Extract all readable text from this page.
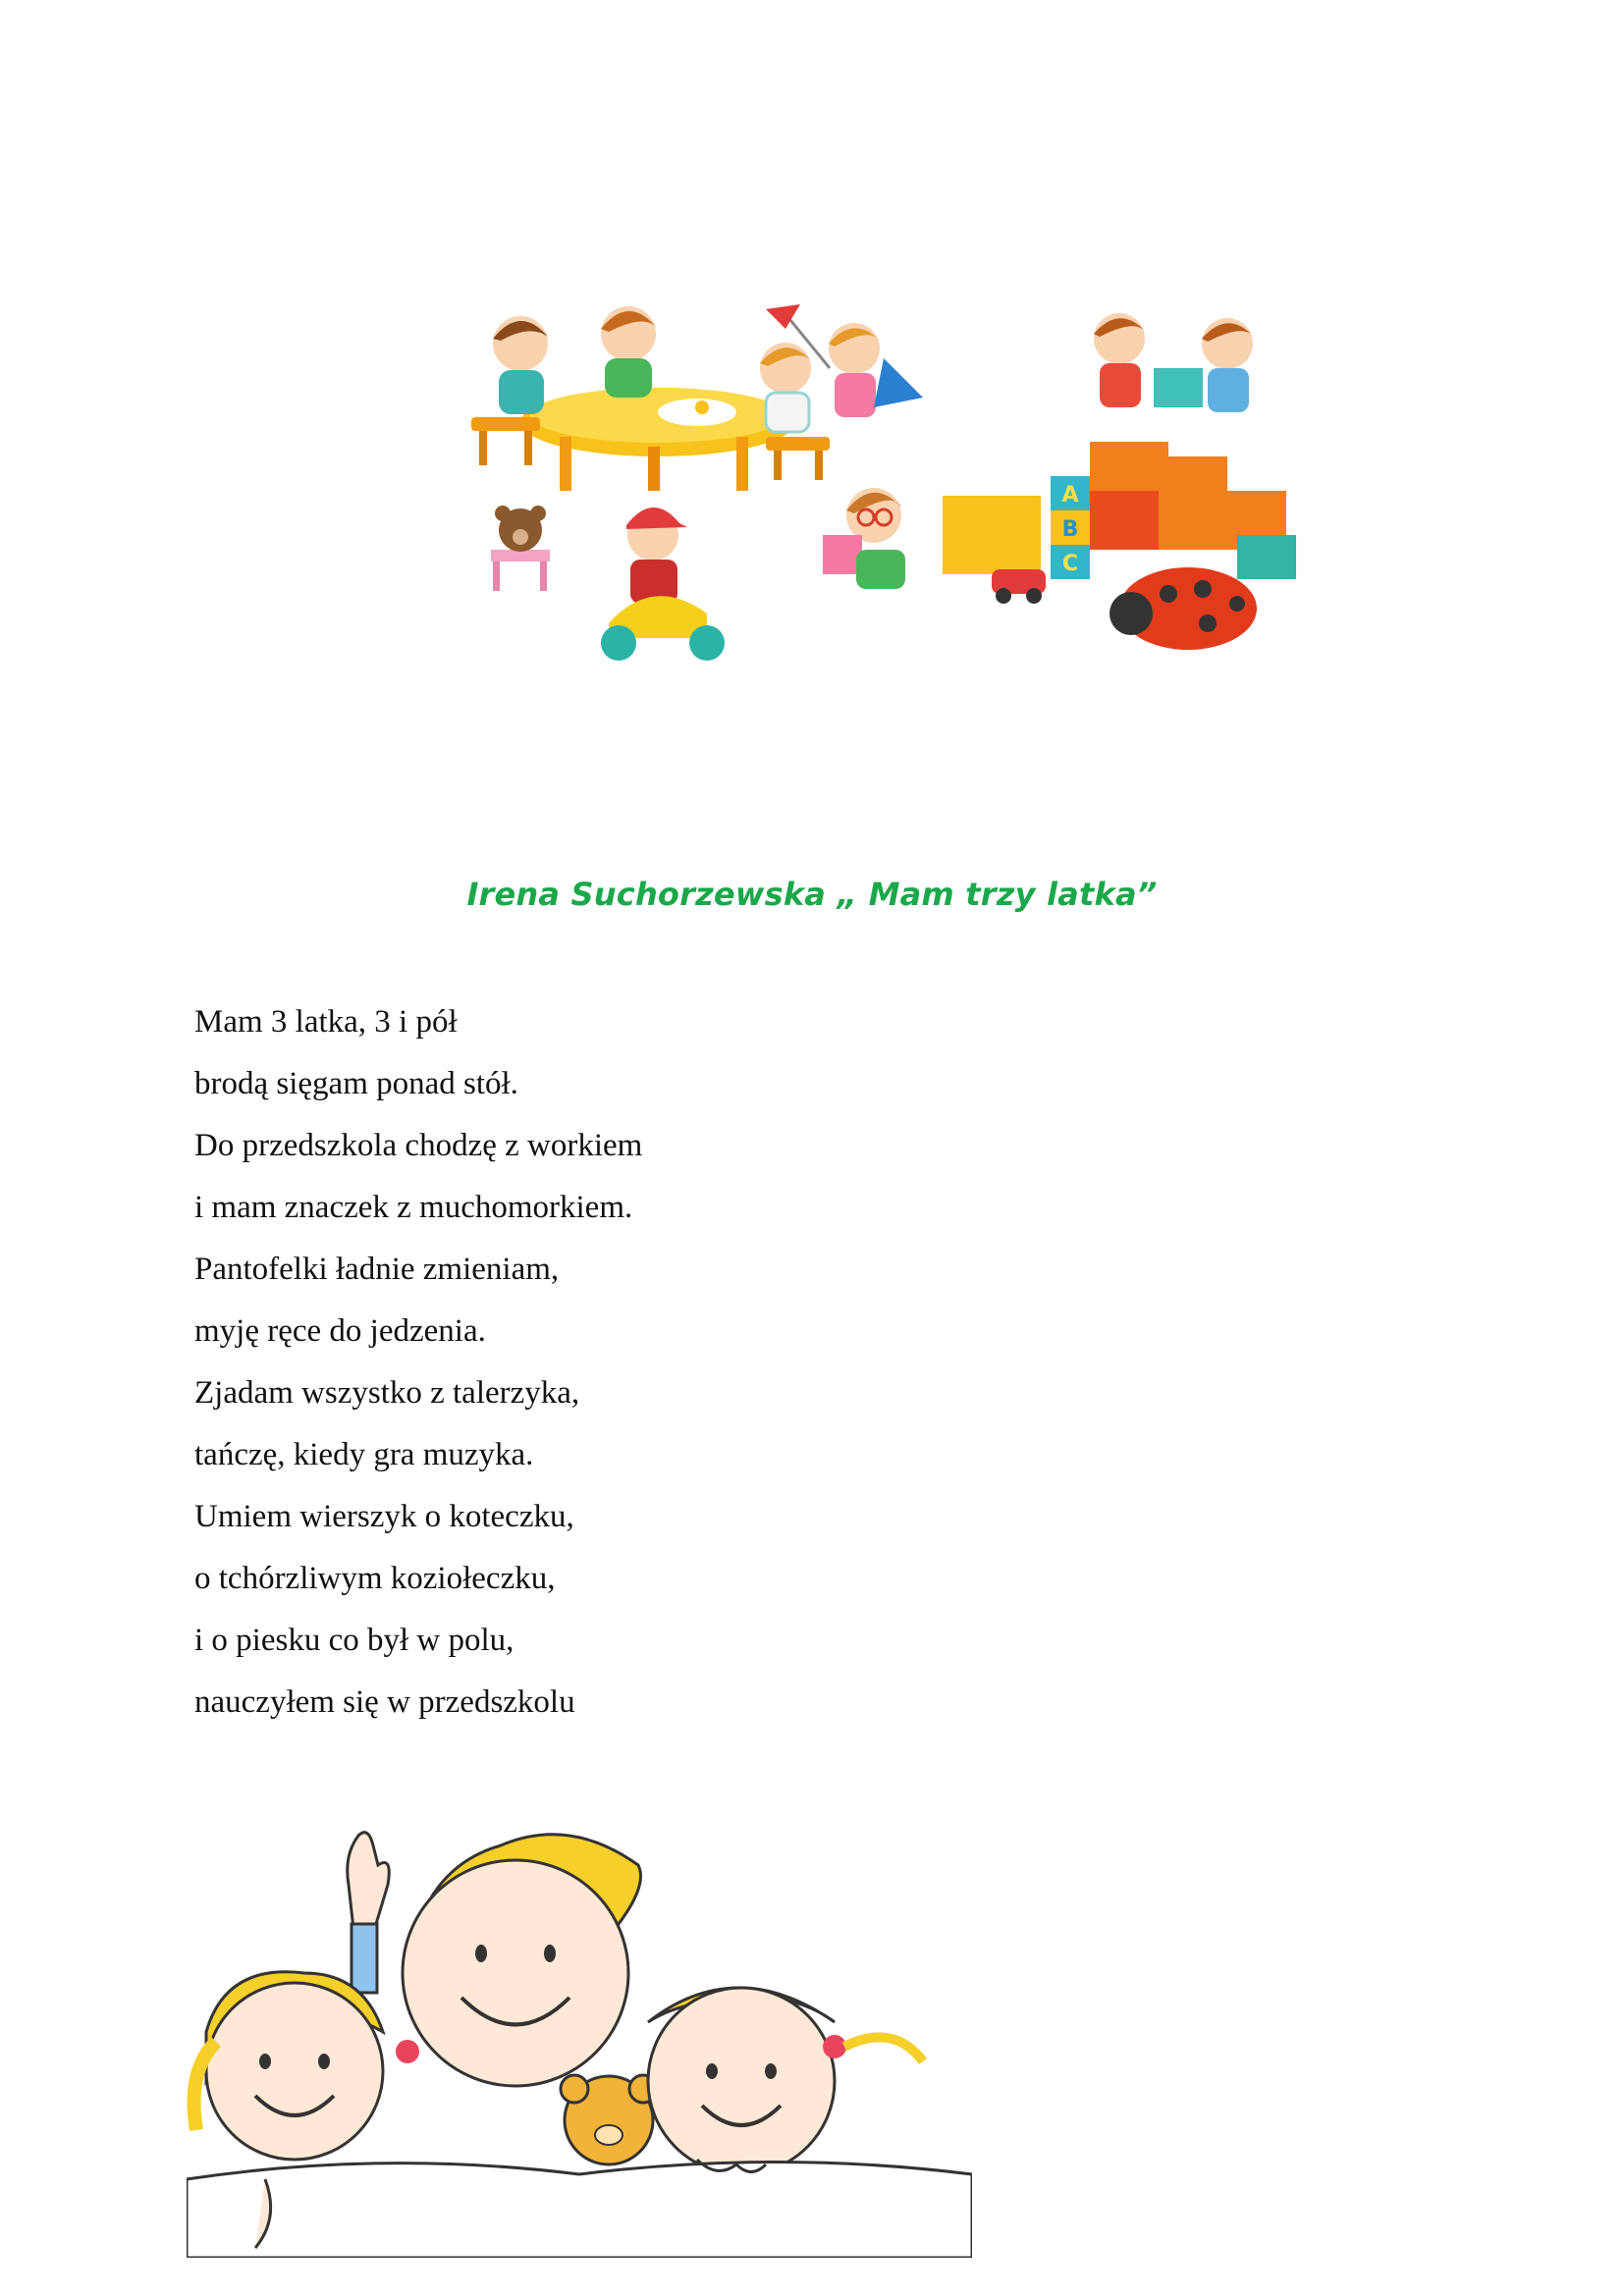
A
B
C
Irena Suchorzewska „ Mam trzy latka”
Mam 3 latka, 3 i pół
brodą sięgam ponad stół.
Do przedszkola chodzę z workiem
i mam znaczek z muchomorkiem.
Pantofelki ładnie zmieniam,
myję ręce do jedzenia.
Zjadam wszystko z talerzyka,
tańczę, kiedy gra muzyka.
Umiem wierszyk o koteczku,
o tchórzliwym koziołeczku,
i o piesku co był w polu,
nauczyłem się w przedszkolu
